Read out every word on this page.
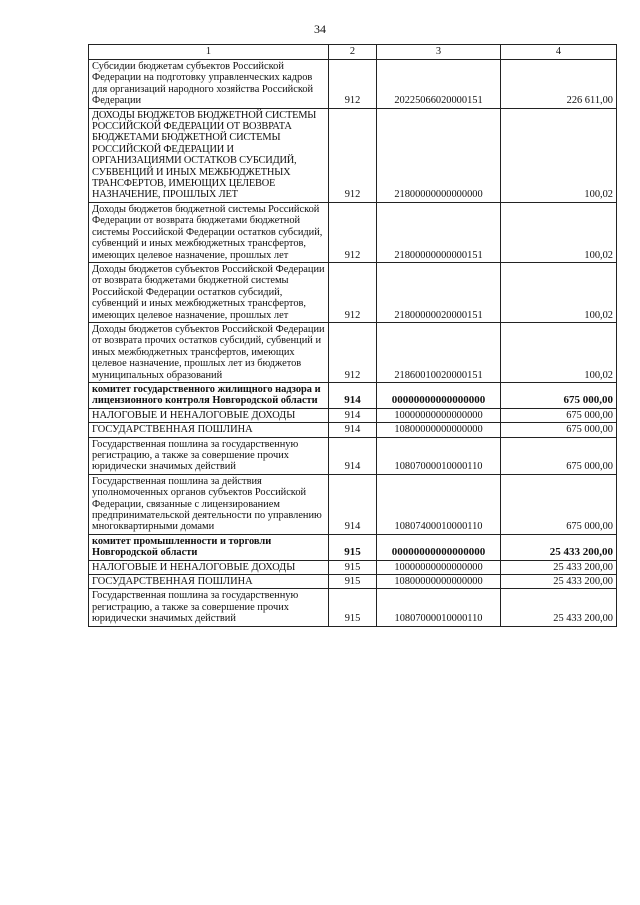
34
1	2	3	4
Субсидии бюджетам субъектов Российской Федерации на подготовку управленческих кадров для организаций народного хозяйства Российской Федерации	912	20225066020000151	226 611,00
ДОХОДЫ БЮДЖЕТОВ БЮДЖЕТНОЙ СИСТЕМЫ РОССИЙСКОЙ ФЕДЕРАЦИИ ОТ ВОЗВРАТА БЮДЖЕТАМИ БЮДЖЕТНОЙ СИСТЕМЫ РОССИЙСКОЙ ФЕДЕРАЦИИ И ОРГАНИЗАЦИЯМИ ОСТАТКОВ СУБСИДИЙ, СУБВЕНЦИЙ И ИНЫХ МЕЖБЮДЖЕТНЫХ ТРАНСФЕРТОВ, ИМЕЮЩИХ ЦЕЛЕВОЕ НАЗНАЧЕНИЕ, ПРОШЛЫХ ЛЕТ	912	21800000000000000	100,02
Доходы бюджетов бюджетной системы Российской Федерации от возврата бюджетами бюджетной системы Российской Федерации остатков субсидий, субвенций и иных межбюджетных трансфертов, имеющих целевое назначение, прошлых лет	912	21800000000000151	100,02
Доходы бюджетов субъектов Российской Федерации от возврата бюджетами бюджетной системы Российской Федерации остатков субсидий, субвенций и иных межбюджетных трансфертов, имеющих целевое назначение, прошлых лет	912	21800000020000151	100,02
Доходы бюджетов субъектов Российской Федерации от возврата прочих остатков субсидий, субвенций и иных межбюджетных трансфертов, имеющих целевое назначение, прошлых лет из бюджетов муниципальных образований	912	21860010020000151	100,02
комитет государственного жилищного надзора и лицензионного контроля Новгородской области	914	00000000000000000	675 000,00
НАЛОГОВЫЕ И НЕНАЛОГОВЫЕ ДОХОДЫ	914	10000000000000000	675 000,00
ГОСУДАРСТВЕННАЯ ПОШЛИНА	914	10800000000000000	675 000,00
Государственная пошлина за государственную регистрацию, а также за совершение прочих юридически значимых действий	914	10807000010000110	675 000,00
Государственная пошлина за действия уполномоченных органов субъектов Российской Федерации, связанные с лицензированием предпринимательской деятельности по управлению многоквартирными домами	914	10807400010000110	675 000,00
комитет промышленности и торговли Новгородской области	915	00000000000000000	25 433 200,00
НАЛОГОВЫЕ И НЕНАЛОГОВЫЕ ДОХОДЫ	915	10000000000000000	25 433 200,00
ГОСУДАРСТВЕННАЯ ПОШЛИНА	915	10800000000000000	25 433 200,00
Государственная пошлина за государственную регистрацию, а также за совершение прочих юридически значимых действий	915	10807000010000110	25 433 200,00
